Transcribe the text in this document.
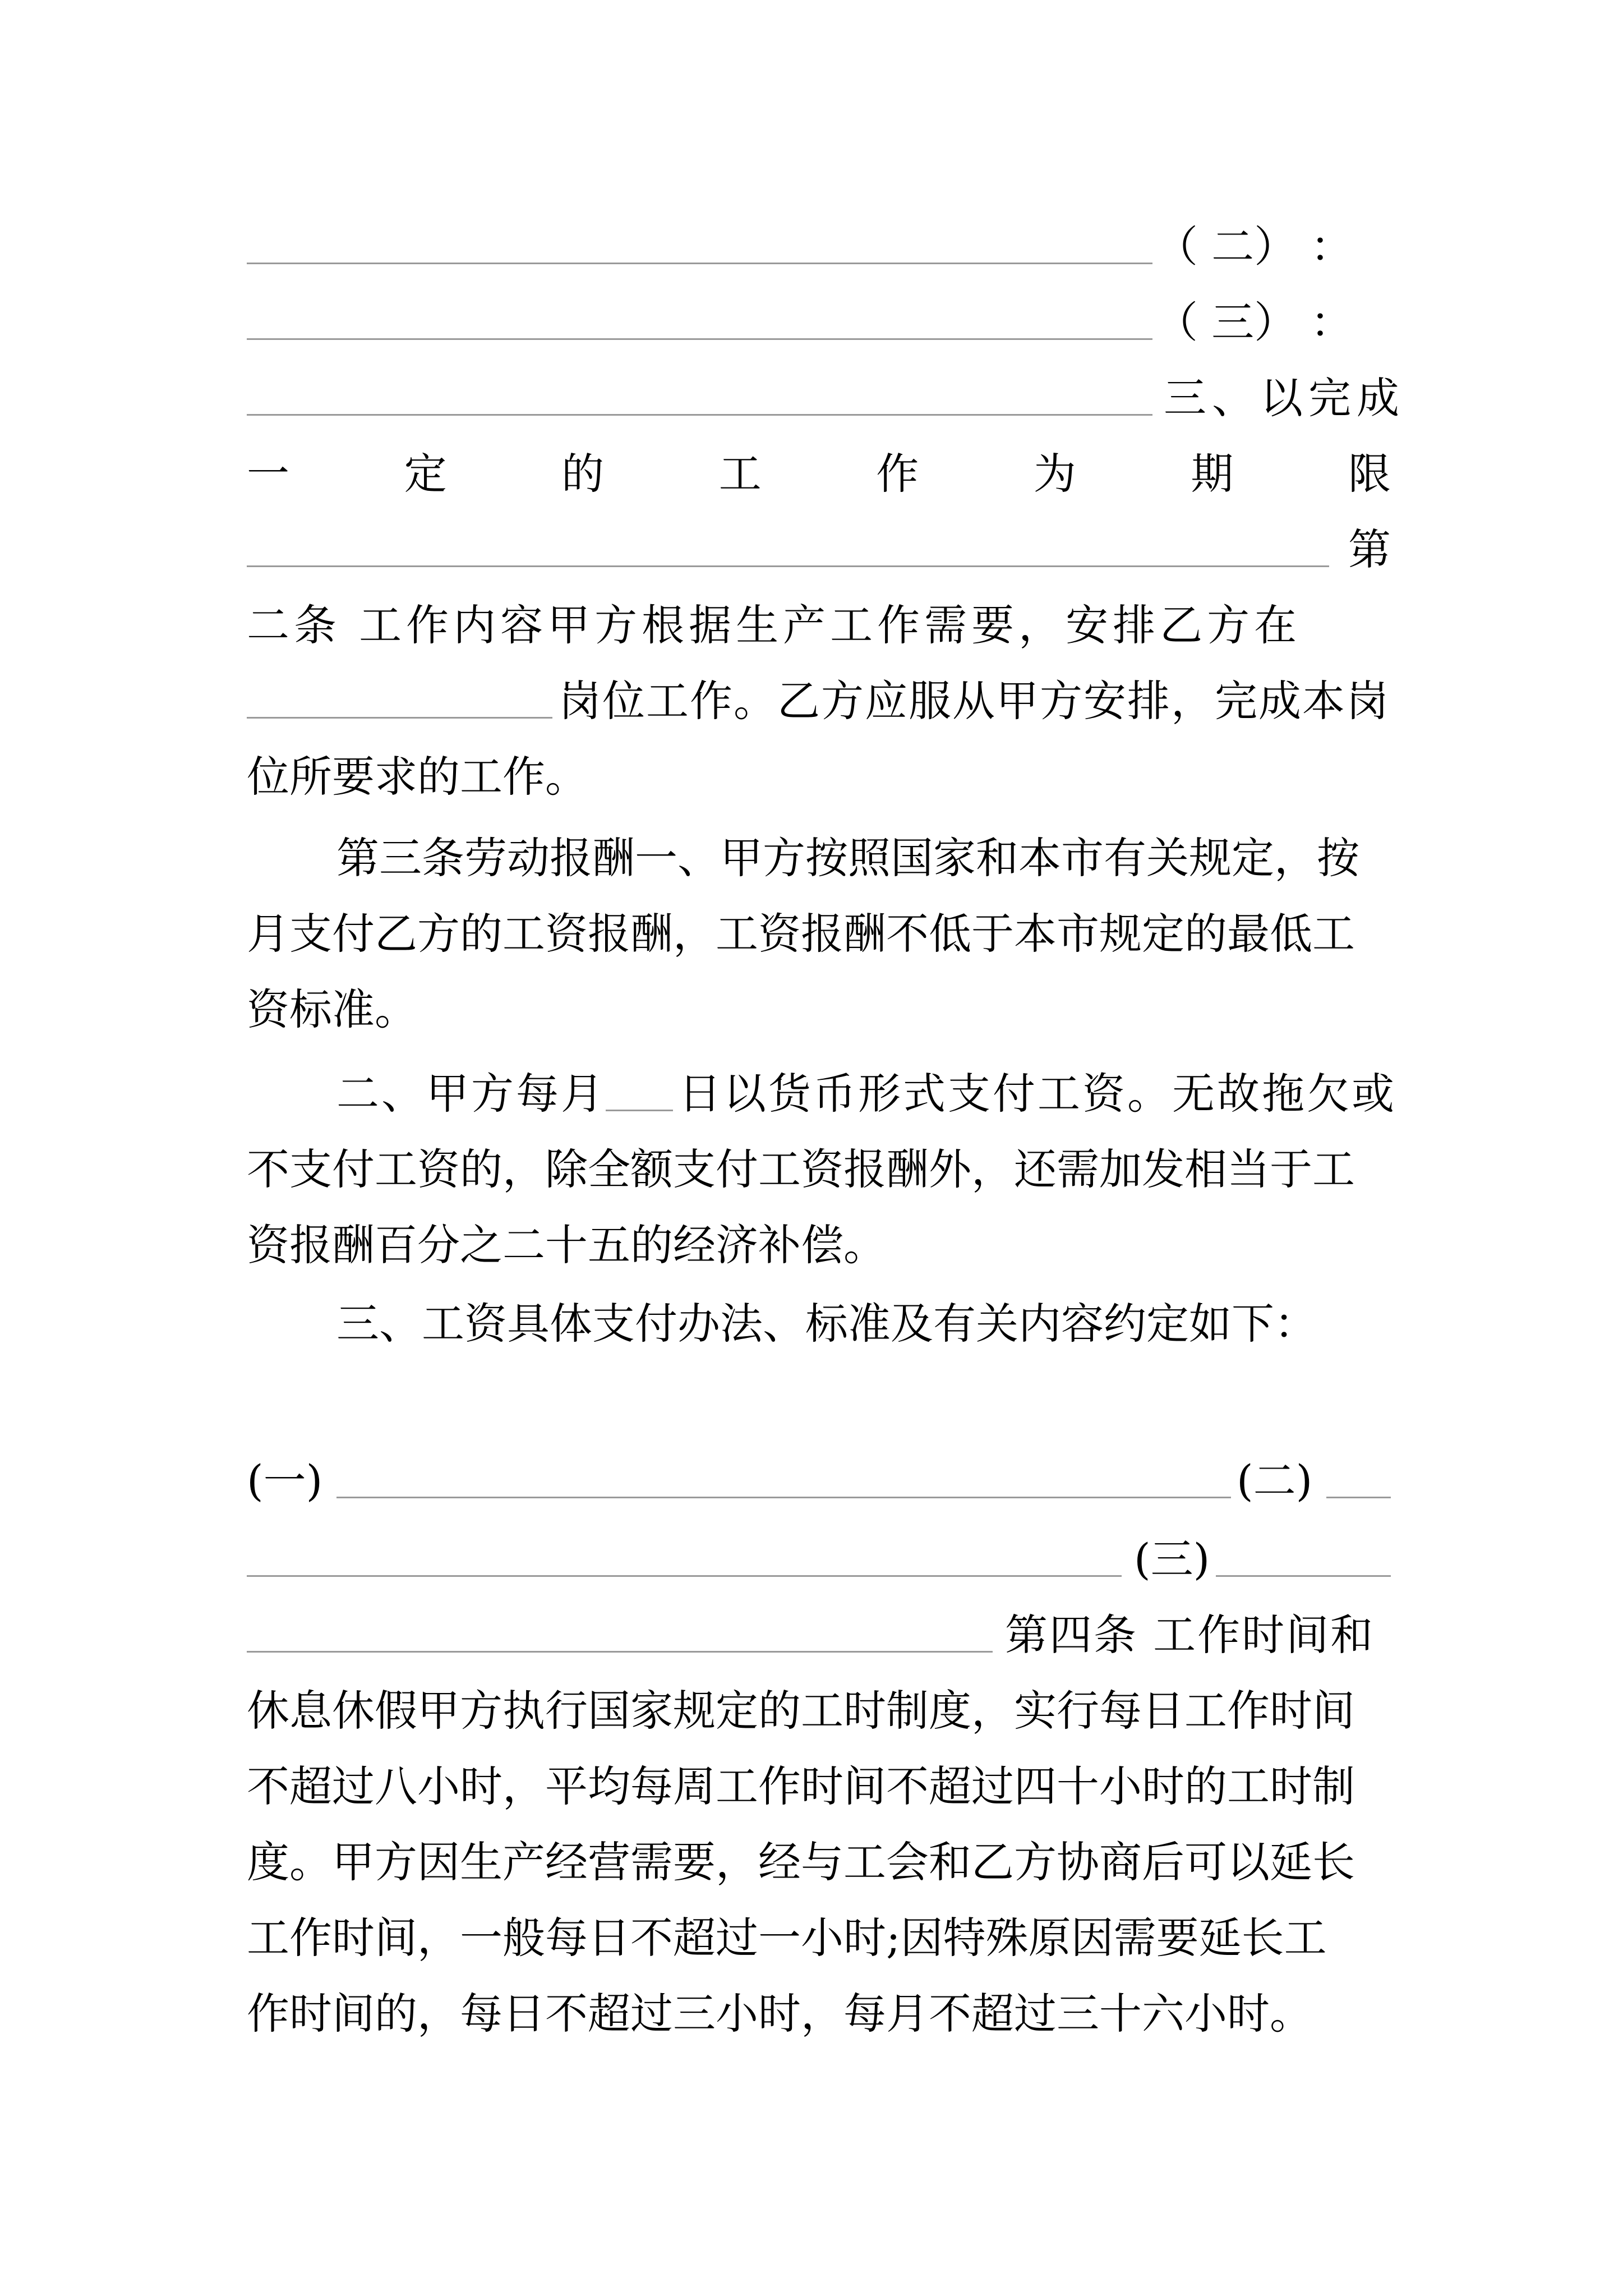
（ 二） ：
（ 三） ：
三、以完成
一	定	的	工	作	为	期	限
第
二条 工作内容甲方根据生产工作需要，安排乙方在
岗位工作。乙方应服从甲方安排，完成本岗
位所要求的工作。
第三条劳动报酬一、甲方按照国家和本市有关规定，按
月支付乙方的工资报酬，工资报酬不低于本市规定的最低工
资标准。
二、甲方每月 日以货币形式支付工资。无故拖欠或
不支付工资的，除全额支付工资报酬外，还需加发相当于工
资报酬百分之二十五的经济补偿。
三、工资具体支付办法、标准及有关内容约定如下：
(一)	(二)
(三)
第四条 工作时间和
休息休假甲方执行国家规定的工时制度，实行每日工作时间
不超过八小时，平均每周工作时间不超过四十小时的工时制
度。甲方因生产经营需要，经与工会和乙方协商后可以延长
工作时间，一般每日不超过一小时;因特殊原因需要延长工
作时间的，每日不超过三小时，每月不超过三十六小时。
